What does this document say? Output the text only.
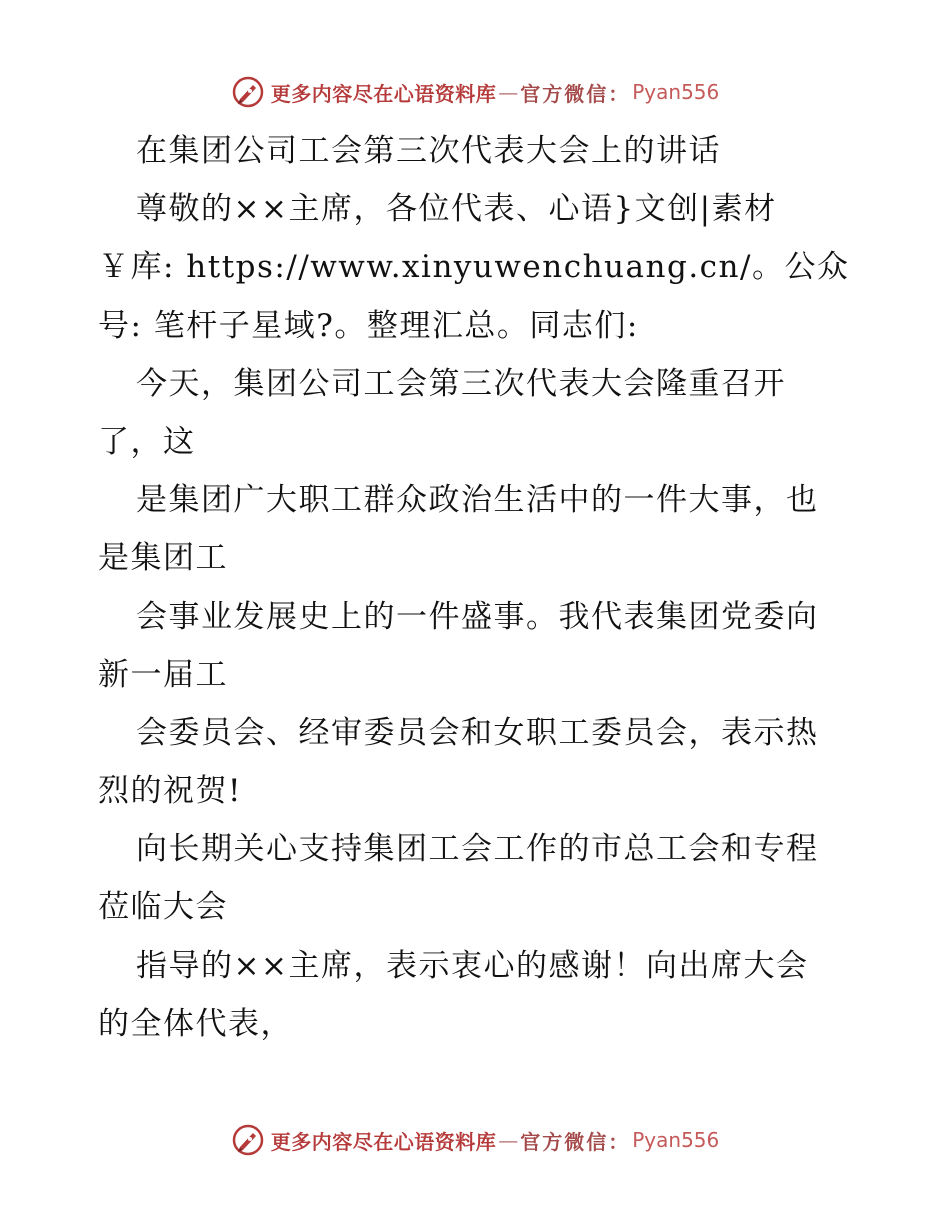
更多内容尽在心语资料库 — 官方微信 ： Pyan556
在集团公司工会第三次代表大会上的讲话
尊敬的××主席，各位代表、心语}文创|素材
￥库: https://www.xinyuwenchuang.cn/。公众
号: 笔杆子星域?。整理汇总。同志们:
今天，集团公司工会第三次代表大会隆重召开
了，这
是集团广大职工群众政治生活中的一件大事，也
是集团工
会事业发展史上的一件盛事。我代表集团党委向
新一届工
会委员会、经审委员会和女职工委员会，表示热
烈的祝贺!
向长期关心支持集团工会工作的市总工会和专程
莅临大会
指导的××主席，表示衷心的感谢！向出席大会
的全体代表，
更多内容尽在心语资料库 — 官方微信 ： Pyan556
